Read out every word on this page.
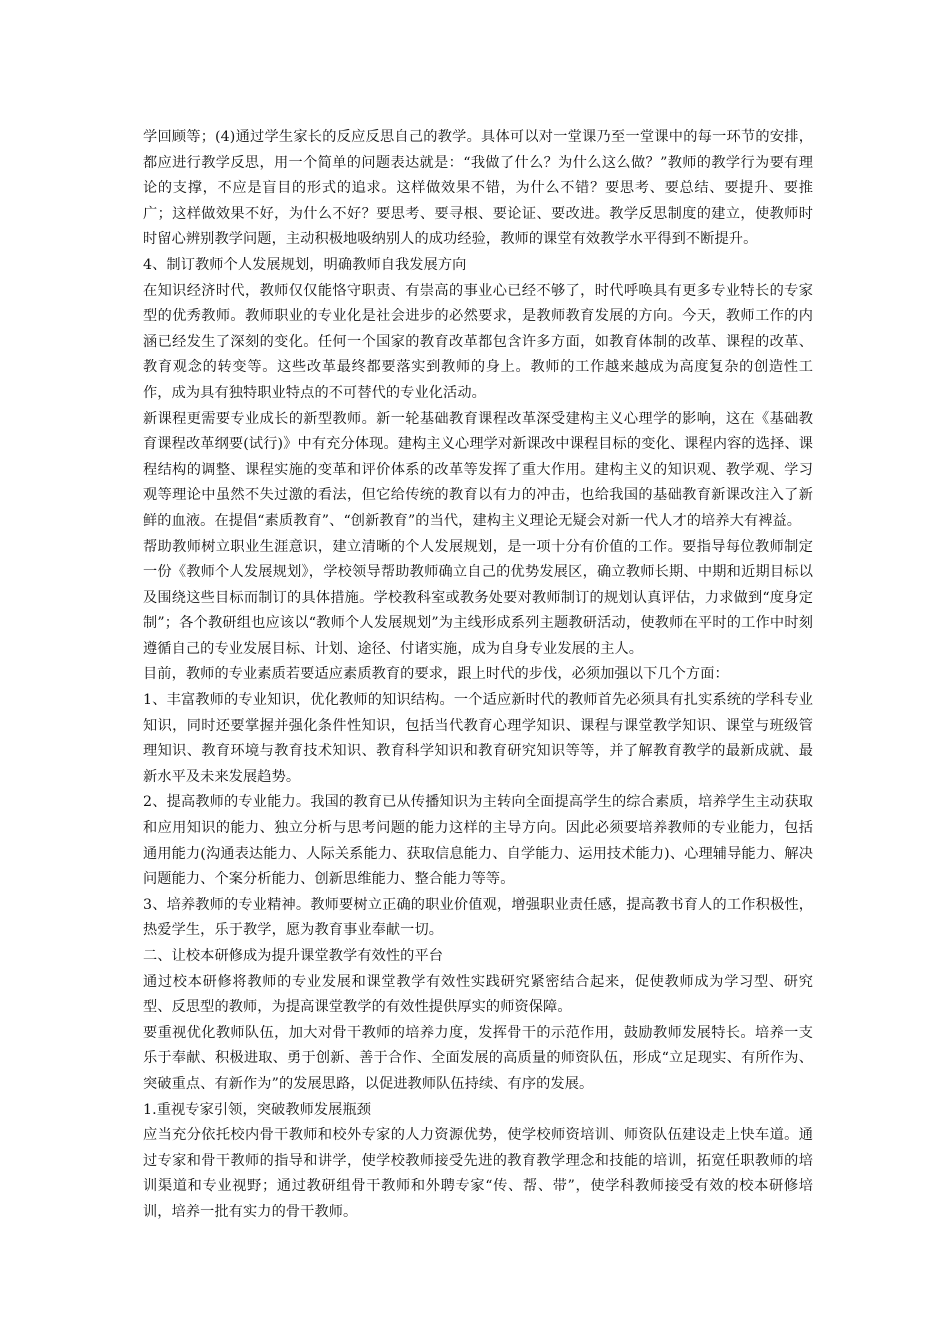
学回顾等；(4)通过学生家长的反应反思自己的教学。具体可以对一堂课乃至一堂课中的每一环节的安排，都应进行教学反思，用一个简单的问题表达就是：“我做了什么？为什么这么做？”教师的教学行为要有理论的支撑，不应是盲目的形式的追求。这样做效果不错，为什么不错？要思考、要总结、要提升、要推广；这样做效果不好，为什么不好？要思考、要寻根、要论证、要改进。教学反思制度的建立，使教师时时留心辨别教学问题，主动积极地吸纳别人的成功经验，教师的课堂有效教学水平得到不断提升。

4、制订教师个人发展规划，明确教师自我发展方向

在知识经济时代，教师仅仅能恪守职责、有崇高的事业心已经不够了，时代呼唤具有更多专业特长的专家型的优秀教师。教师职业的专业化是社会进步的必然要求，是教师教育发展的方向。今天，教师工作的内涵已经发生了深刻的变化。任何一个国家的教育改革都包含许多方面，如教育体制的改革、课程的改革、教育观念的转变等。这些改革最终都要落实到教师的身上。教师的工作越来越成为高度复杂的创造性工作，成为具有独特职业特点的不可替代的专业化活动。

新课程更需要专业成长的新型教师。新一轮基础教育课程改革深受建构主义心理学的影响，这在《基础教育课程改革纲要(试行)》中有充分体现。建构主义心理学对新课改中课程目标的变化、课程内容的选择、课程结构的调整、课程实施的变革和评价体系的改革等发挥了重大作用。建构主义的知识观、教学观、学习观等理论中虽然不失过激的看法，但它给传统的教育以有力的冲击，也给我国的基础教育新课改注入了新鲜的血液。在提倡“素质教育”、“创新教育”的当代，建构主义理论无疑会对新一代人才的培养大有裨益。

帮助教师树立职业生涯意识，建立清晰的个人发展规划，是一项十分有价值的工作。要指导每位教师制定一份《教师个人发展规划》，学校领导帮助教师确立自己的优势发展区，确立教师长期、中期和近期目标以及围绕这些目标而制订的具体措施。学校教科室或教务处要对教师制订的规划认真评估，力求做到“度身定制”；各个教研组也应该以“教师个人发展规划”为主线形成系列主题教研活动，使教师在平时的工作中时刻遵循自己的专业发展目标、计划、途径、付诸实施，成为自身专业发展的主人。

目前，教师的专业素质若要适应素质教育的要求，跟上时代的步伐，必须加强以下几个方面：

1、丰富教师的专业知识，优化教师的知识结构。一个适应新时代的教师首先必须具有扎实系统的学科专业知识，同时还要掌握并强化条件性知识，包括当代教育心理学知识、课程与课堂教学知识、课堂与班级管理知识、教育环境与教育技术知识、教育科学知识和教育研究知识等等，并了解教育教学的最新成就、最新水平及未来发展趋势。

2、提高教师的专业能力。我国的教育已从传播知识为主转向全面提高学生的综合素质，培养学生主动获取和应用知识的能力、独立分析与思考问题的能力这样的主导方向。因此必须要培养教师的专业能力，包括通用能力(沟通表达能力、人际关系能力、获取信息能力、自学能力、运用技术能力)、心理辅导能力、解决问题能力、个案分析能力、创新思维能力、整合能力等等。

3、培养教师的专业精神。教师要树立正确的职业价值观，增强职业责任感，提高教书育人的工作积极性，热爱学生，乐于教学，愿为教育事业奉献一切。

二、让校本研修成为提升课堂教学有效性的平台

通过校本研修将教师的专业发展和课堂教学有效性实践研究紧密结合起来，促使教师成为学习型、研究型、反思型的教师，为提高课堂教学的有效性提供厚实的师资保障。

要重视优化教师队伍，加大对骨干教师的培养力度，发挥骨干的示范作用，鼓励教师发展特长。培养一支乐于奉献、积极进取、勇于创新、善于合作、全面发展的高质量的师资队伍，形成“立足现实、有所作为、突破重点、有新作为”的发展思路，以促进教师队伍持续、有序的发展。

1.重视专家引领，突破教师发展瓶颈

应当充分依托校内骨干教师和校外专家的人力资源优势，使学校师资培训、师资队伍建设走上快车道。通过专家和骨干教师的指导和讲学，使学校教师接受先进的教育教学理念和技能的培训，拓宽任职教师的培训渠道和专业视野；通过教研组骨干教师和外聘专家“传、帮、带”，使学科教师接受有效的校本研修培训，培养一批有实力的骨干教师。
